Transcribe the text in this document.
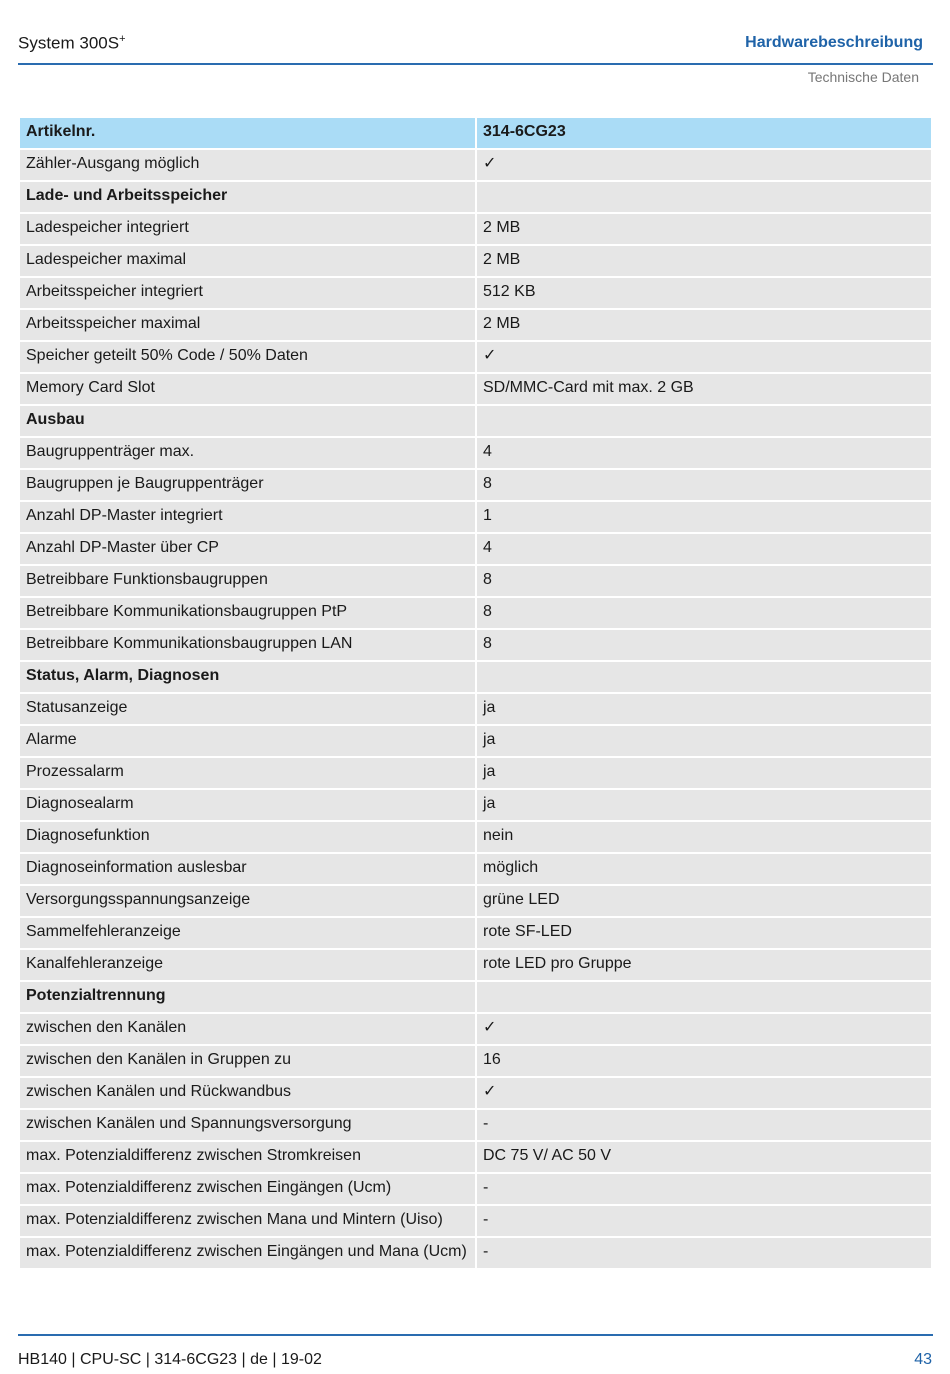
System 300S+	Hardwarebeschreibung
Technische Daten
Artikelnr.	314-6CG23
Zähler-Ausgang möglich	✓
Lade- und Arbeitsspeicher	
Ladespeicher integriert	2 MB
Ladespeicher maximal	2 MB
Arbeitsspeicher integriert	512 KB
Arbeitsspeicher maximal	2 MB
Speicher geteilt 50% Code / 50% Daten	✓
Memory Card Slot	SD/MMC-Card mit max. 2 GB
Ausbau	
Baugruppenträger max.	4
Baugruppen je Baugruppenträger	8
Anzahl DP-Master integriert	1
Anzahl DP-Master über CP	4
Betreibbare Funktionsbaugruppen	8
Betreibbare Kommunikationsbaugruppen PtP	8
Betreibbare Kommunikationsbaugruppen LAN	8
Status, Alarm, Diagnosen	
Statusanzeige	ja
Alarme	ja
Prozessalarm	ja
Diagnosealarm	ja
Diagnosefunktion	nein
Diagnoseinformation auslesbar	möglich
Versorgungsspannungsanzeige	grüne LED
Sammelfehleranzeige	rote SF-LED
Kanalfehleranzeige	rote LED pro Gruppe
Potenzialtrennung	
zwischen den Kanälen	✓
zwischen den Kanälen in Gruppen zu	16
zwischen Kanälen und Rückwandbus	✓
zwischen Kanälen und Spannungsversorgung	-
max. Potenzialdifferenz zwischen Stromkreisen	DC 75 V/ AC 50 V
max. Potenzialdifferenz zwischen Eingängen (Ucm)	-
max. Potenzialdifferenz zwischen Mana und Mintern (Uiso)	-
max. Potenzialdifferenz zwischen Eingängen und Mana (Ucm)	-
HB140 | CPU-SC | 314-6CG23 | de | 19-02	43
